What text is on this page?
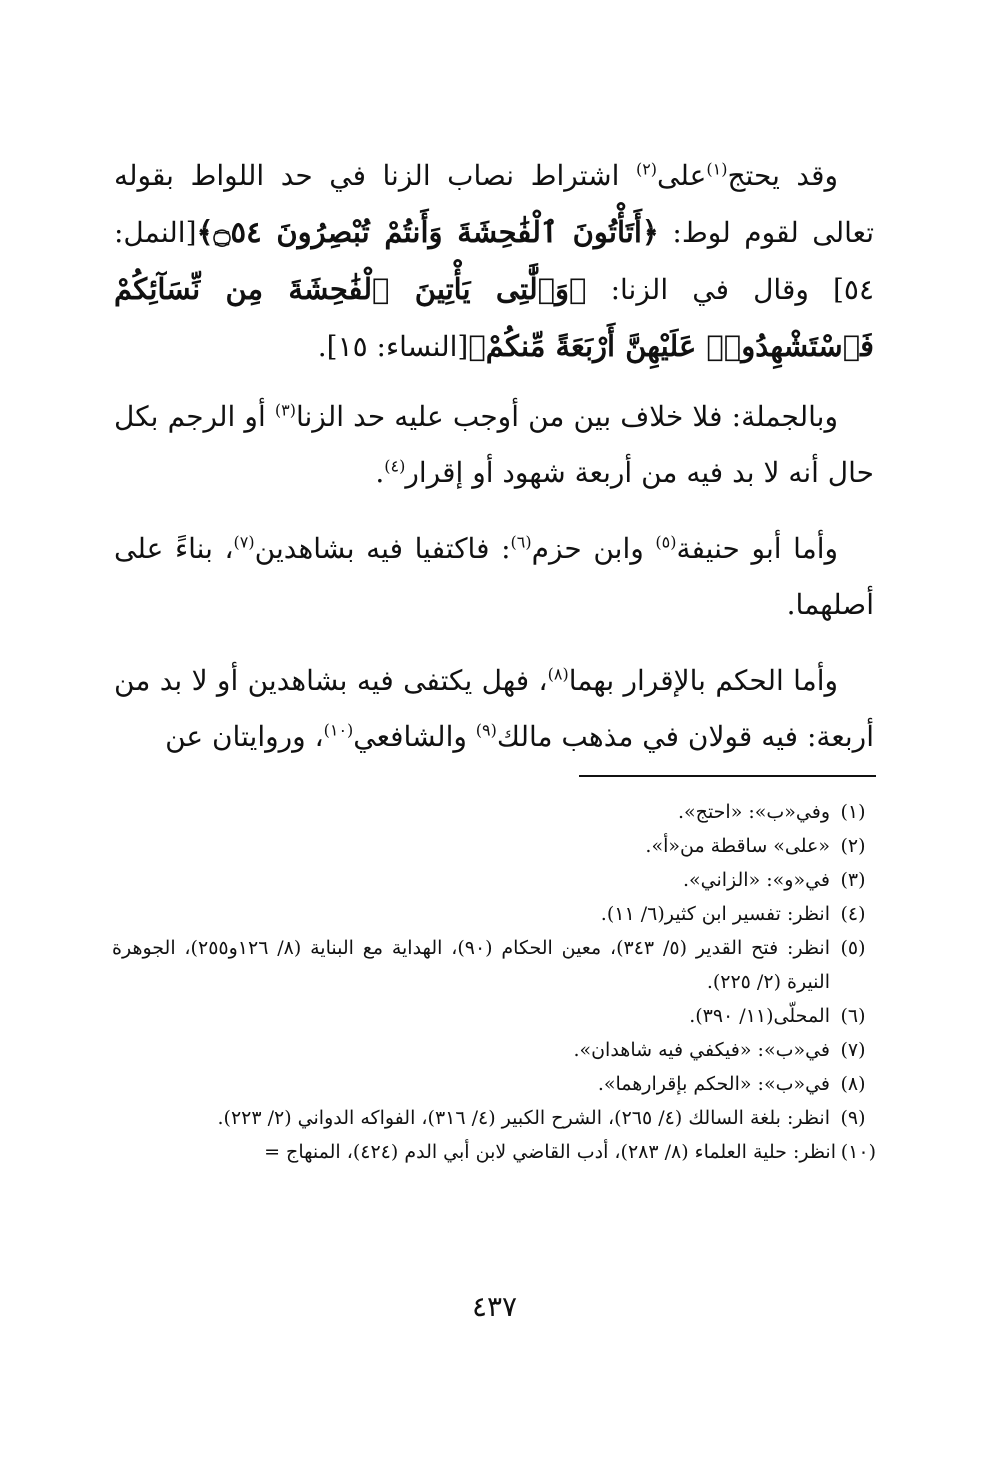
وقد يحتج$^{(١)}$على$^{(٢)}$ اشتراط نصاب الزنا في حد اللواط بقوله تعالى لقوم لوط: ﴿أَتَأْتُونَ ٱلْفَٰحِشَةَ وَأَنتُمْ تُبْصِرُونَ ۝٥٤﴾[النمل: ٥٤] وقال في الزنا: ﴿وَٱلَّٰتِى يَأْتِينَ ٱلْفَٰحِشَةَ مِن نِّسَآئِكُمْ فَٱسْتَشْهِدُوا۟ عَلَيْهِنَّ أَرْبَعَةً مِّنكُمْ﴾[النساء: ١٥].

وبالجملة: فلا خلاف بين من أوجب عليه حد الزنا$^{(٣)}$ أو الرجم بكل حال أنه لا بد فيه من أربعة شهود أو إقرار$^{(٤)}$.

وأما أبو حنيفة$^{(٥)}$ وابن حزم$^{(٦)}$: فاكتفيا فيه بشاهدين$^{(٧)}$، بناءً على أصلهما.

وأما الحكم بالإقرار بهما$^{(٨)}$، فهل يكتفى فيه بشاهدين أو لا بد من أربعة: فيه قولان في مذهب مالك$^{(٩)}$ والشافعي$^{(١٠)}$، وروايتان عن

(١)
وفي«ب»: «احتج».
(٢)
«على» ساقطة من«أ».
(٣)
في«و»: «الزاني».
(٤)
انظر: تفسير ابن كثير(٦/ ١١).
(٥)
انظر: فتح القدير (٥/ ٣٤٣)، معين الحكام (٩٠)، الهداية مع البناية (٨/ ١٢٦و٢٥٥)، الجوهرة النيرة (٢/ ٢٢٥).
(٦)
المحلّى(١١/ ٣٩٠).
(٧)
في«ب»: «فيكفي فيه شاهدان».
(٨)
في«ب»: «الحكم بإقرارهما».
(٩)
انظر: بلغة السالك (٤/ ٢٦٥)، الشرح الكبير (٤/ ٣١٦)، الفواكه الدواني (٢/ ٢٢٣).
(١٠)
انظر: حلية العلماء (٨/ ٢٨٣)، أدب القاضي لابن أبي الدم (٤٢٤)، المنهاج =
٤٣٧
